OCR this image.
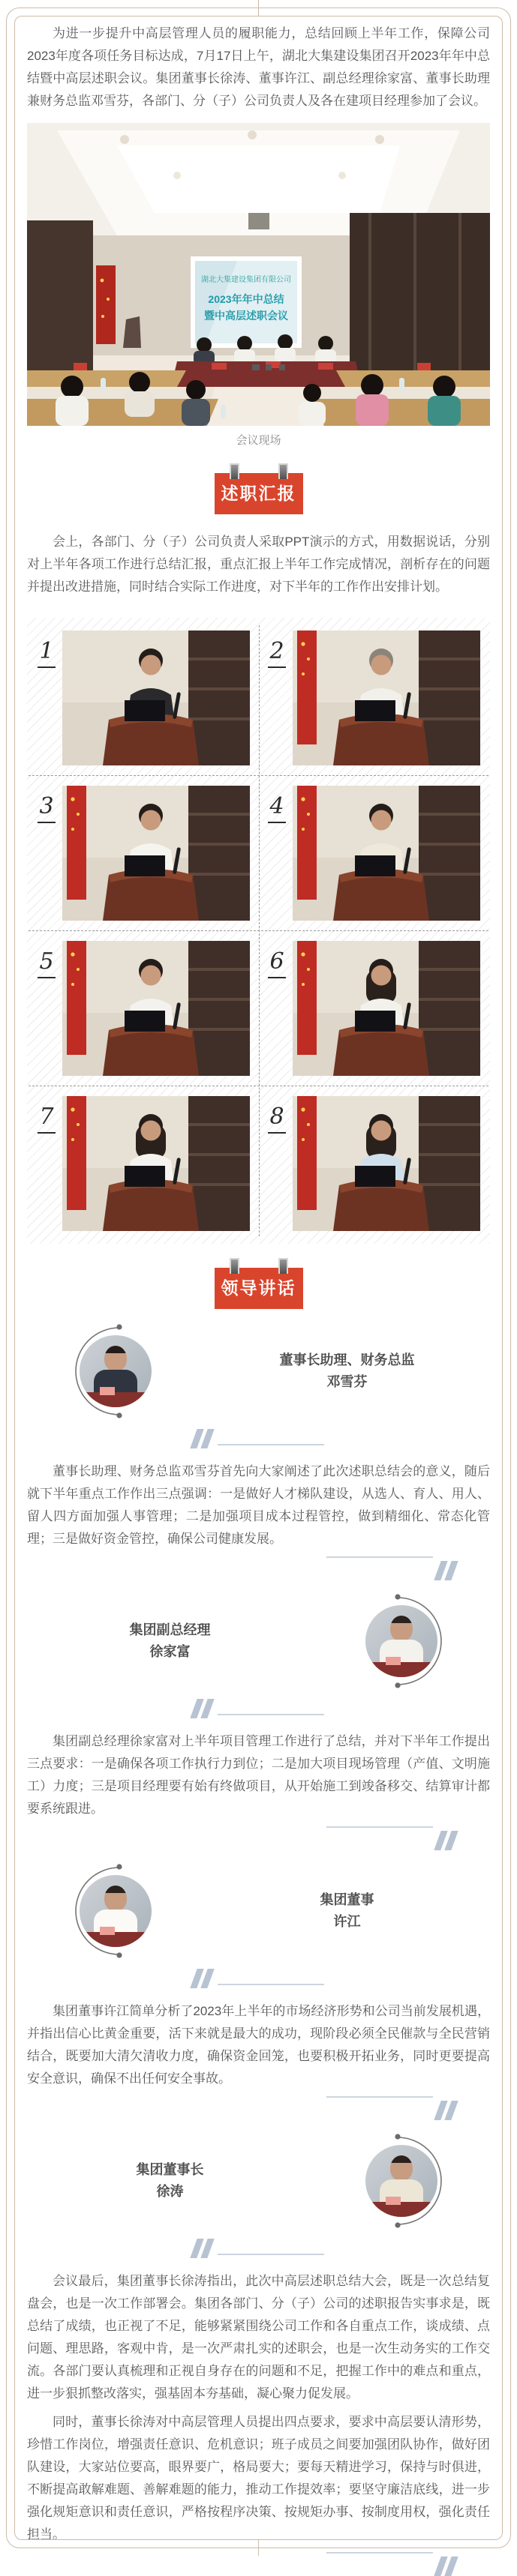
为进一步提升中高层管理人员的履职能力，总结回顾上半年工作，保障公司2023年度各项任务目标达成，7月17日上午，湖北大集建设集团召开2023年年中总结暨中高层述职会议。集团董事长徐涛、董事许江、副总经理徐家富、董事长助理兼财务总监邓雪芬，各部门、分（子）公司负责人及各在建项目经理参加了会议。

湖北大集建设集团有限公司
2023年年中总结
暨中高层述职会议
会议现场
述职汇报

会上，各部门、分（子）公司负责人采取PPT演示的方式，用数据说话，分别对上半年各项工作进行总结汇报，重点汇报上半年工作完成情况，剖析存在的问题并提出改进措施，同时结合实际工作进度，对下半年的工作作出安排计划。

1	2
3	4
5	6
7	8
领导讲话
董事长助理、财务总监
邓雪芬

董事长助理、财务总监邓雪芬首先向大家阐述了此次述职总结会的意义，随后就下半年重点工作作出三点强调：一是做好人才梯队建设，从选人、育人、用人、留人四方面加强人事管理；二是加强项目成本过程管控，做到精细化、常态化管理；三是做好资金管控，确保公司健康发展。

集团副总经理
徐家富

集团副总经理徐家富对上半年项目管理工作进行了总结，并对下半年工作提出三点要求：一是确保各项工作执行力到位；二是加大项目现场管理（产值、文明施工）力度；三是项目经理要有始有终做项目，从开始施工到竣备移交、结算审计都要系统跟进。

集团董事
许江

集团董事许江简单分析了2023年上半年的市场经济形势和公司当前发展机遇，并指出信心比黄金重要，活下来就是最大的成功，现阶段必须全民催款与全民营销结合，既要加大清欠清收力度，确保资金回笼，也要积极开拓业务，同时更要提高安全意识，确保不出任何安全事故。

集团董事长
徐涛

会议最后，集团董事长徐涛指出，此次中高层述职总结大会，既是一次总结复盘会，也是一次工作部署会。集团各部门、分（子）公司的述职报告实事求是，既总结了成绩，也正视了不足，能够紧紧围绕公司工作和各自重点工作，谈成绩、点问题、理思路，客观中肯，是一次严肃扎实的述职会，也是一次生动务实的工作交流。各部门要认真梳理和正视自身存在的问题和不足，把握工作中的难点和重点，进一步狠抓整改落实，强基固本夯基础，凝心聚力促发展。

同时，董事长徐涛对中高层管理人员提出四点要求，要求中高层要认清形势，珍惜工作岗位，增强责任意识、危机意识；班子成员之间要加强团队协作，做好团队建设，大家站位要高，眼界要广，格局要大；要每天精进学习，保持与时俱进，不断提高敢解难题、善解难题的能力，推动工作提效率；要坚守廉洁底线，进一步强化规矩意识和责任意识，严格按程序决策、按规矩办事、按制度用权，强化责任担当。
